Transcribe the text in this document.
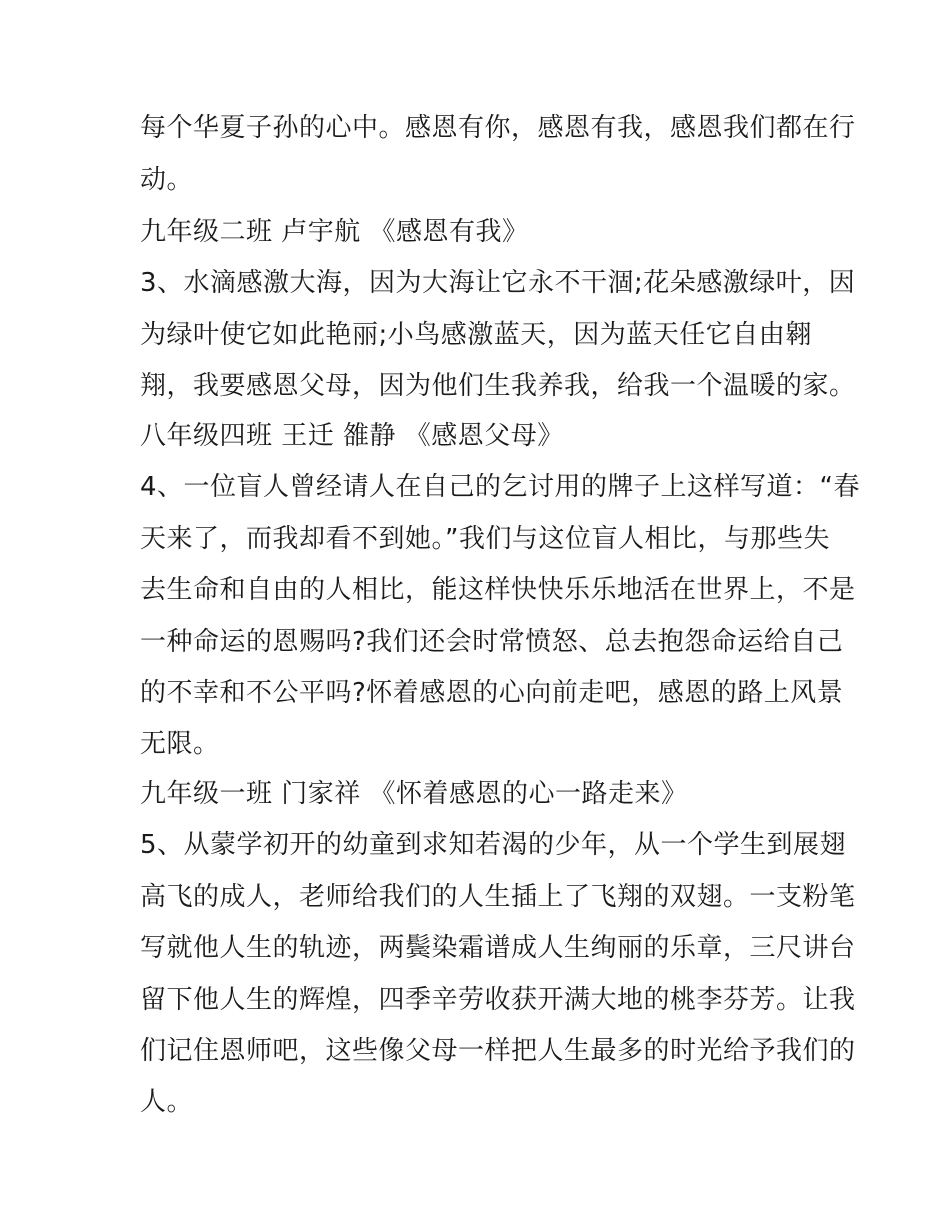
每个华夏子孙的心中。感恩有你，感恩有我，感恩我们都在行
动。
九年级二班 卢宇航 《感恩有我》
3、水滴感激大海，因为大海让它永不干涸;花朵感激绿叶，因
为绿叶使它如此艳丽;小鸟感激蓝天，因为蓝天任它自由翱
翔，我要感恩父母，因为他们生我养我，给我一个温暖的家。
八年级四班 王迁 雒静 《感恩父母》
4、一位盲人曾经请人在自己的乞讨用的牌子上这样写道：“春
天来了，而我却看不到她。”我们与这位盲人相比，与那些失
去生命和自由的人相比，能这样快快乐乐地活在世界上，不是
一种命运的恩赐吗?我们还会时常愤怒、总去抱怨命运给自己
的不幸和不公平吗?怀着感恩的心向前走吧，感恩的路上风景
无限。
九年级一班 门家祥 《怀着感恩的心一路走来》
5、从蒙学初开的幼童到求知若渴的少年，从一个学生到展翅
高飞的成人，老师给我们的人生插上了飞翔的双翅。一支粉笔
写就他人生的轨迹，两鬓染霜谱成人生绚丽的乐章，三尺讲台
留下他人生的辉煌，四季辛劳收获开满大地的桃李芬芳。让我
们记住恩师吧，这些像父母一样把人生最多的时光给予我们的
人。
